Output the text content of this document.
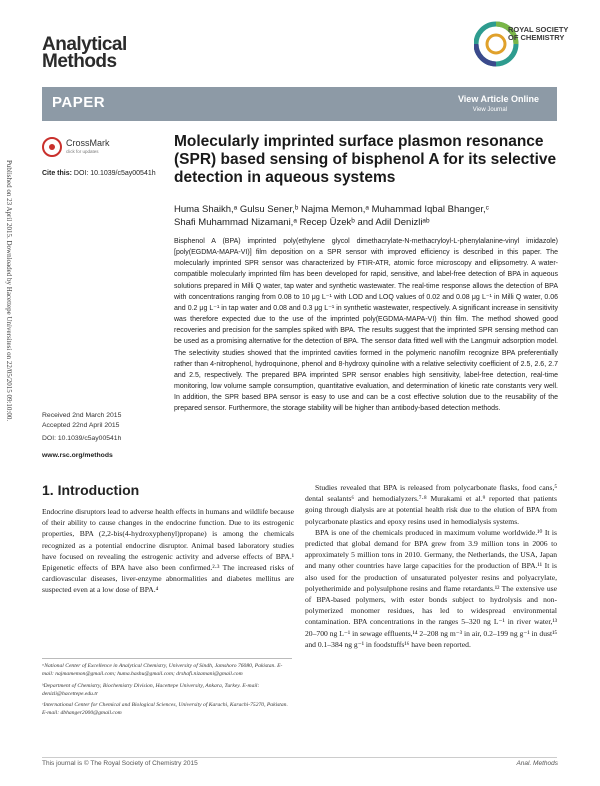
Analytical
Methods
ROYAL SOCIETY
OF CHEMISTRY
PAPER	View Article Online
View Journal
CrossMark
click for updates
Cite this: DOI: 10.1039/c5ay00541h
Published on 23 April 2015. Downloaded by Hacettepe Universitesi on 22/05/2015 09:10:00.
Molecularly imprinted surface plasmon resonance (SPR) based sensing of bisphenol A for its selective detection in aqueous systems
Huma Shaikh,ᵃ Gulsu Sener,ᵇ Najma Memon,ᵃ Muhammad Iqbal Bhanger,ᶜ
Shafi Muhammad Nizamani,ᵃ Recep Üzekᵇ and Adil Denizliᵃᵇ

Bisphenol A (BPA) imprinted poly(ethylene glycol dimethacrylate-N-methacryloyl-L-phenylalanine-vinyl imidazole) [poly(EGDMA-MAPA-VI)] film deposition on a SPR sensor with improved efficiency is described in this paper. The molecularly imprinted SPR sensor was characterized by FTIR-ATR, atomic force microscopy and ellipsometry. A water-compatible molecularly imprinted film has been developed for rapid, sensitive, and label-free detection of BPA in aqueous solutions prepared in Milli Q water, tap water and synthetic wastewater. The real-time response allows the detection of BPA with concentrations ranging from 0.08 to 10 μg L⁻¹ with LOD and LOQ values of 0.02 and 0.08 μg L⁻¹ in Milli Q water, 0.06 and 0.2 μg L⁻¹ in tap water and 0.08 and 0.3 μg L⁻¹ in synthetic wastewater, respectively. A significant increase in sensitivity was therefore expected due to the use of the imprinted poly(EGDMA-MAPA-VI) thin film. The method showed good recoveries and precision for the samples spiked with BPA. The results suggest that the imprinted SPR sensing method can be used as a promising alternative for the detection of BPA. The sensor data fitted well with the Langmuir adsorption model. The selectivity studies showed that the imprinted cavities formed in the polymeric nanofilm recognize BPA preferentially rather than 4-nitrophenol, hydroquinone, phenol and 8-hydroxy quinoline with a relative selectivity coefficient of 2.5, 2.6, 2.7 and 2.5, respectively. The prepared BPA imprinted SPR sensor enables high sensitivity, label-free detection, real-time monitoring, low volume sample consumption, quantitative evaluation, and determination of kinetic rate constants very well. In addition, the SPR based BPA sensor is easy to use and can be a cost effective solution due to the reusability of the prepared sensor. Furthermore, the storage stability will be higher than antibody-based detection methods.

Received 2nd March 2015
Accepted 22nd April 2015
DOI: 10.1039/c5ay00541h
www.rsc.org/methods
1. Introduction

Endocrine disruptors lead to adverse health effects in humans and wildlife because of their ability to cause changes in the endocrine function. Due to its estrogenic properties, BPA (2,2-bis(4-hydroxyphenyl)propane) is among the chemicals recognized as a potential endocrine disruptor. Animal based laboratory studies have focused on revealing the estrogenic activity and adverse effects of BPA.¹ Epigenetic effects of BPA have also been confirmed.²·³ The increased risks of cardiovascular diseases, liver-enzyme abnormalities and diabetes mellitus are suspected even at a low dose of BPA.⁴

Studies revealed that BPA is released from polycarbonate flasks, food cans,⁵ dental sealants⁶ and hemodialyzers.⁷·⁸ Murakami et al.⁹ reported that patients going through dialysis are at potential health risk due to the elution of BPA from polycarbonate plastics and epoxy resins used in hemodialysis systems.

BPA is one of the chemicals produced in maximum volume worldwide.¹⁰ It is predicted that global demand for BPA grew from 3.9 million tons in 2006 to approximately 5 million tons in 2010. Germany, the Netherlands, the USA, Japan and many other countries have large capacities for the production of BPA.¹¹ It is also used for the production of unsaturated polyester resins and polyacrylate, polyetherimide and polysulphone resins and flame retardants.¹² The extensive use of BPA-based polymers, with ester bonds subject to hydrolysis and non-polymerized monomer residues, has led to widespread environmental contamination. BPA concentrations in the ranges 5–320 ng L⁻¹ in river water,¹³ 20–700 ng L⁻¹ in sewage effluents,¹⁴ 2–208 ng m⁻³ in air, 0.2–199 ng g⁻¹ in dust¹⁵ and 0.1–384 ng g⁻¹ in foodstuffs¹⁶ have been reported.

ᵃNational Center of Excellence in Analytical Chemistry, University of Sindh, Jamshoro 76080, Pakistan. E-mail: najmamemon@gmail.com; huma.hashu@gmail.com; drshafi.nizamani@gmail.com

ᵇDepartment of Chemistry, Biochemistry Division, Hacettepe University, Ankara, Turkey. E-mail: denizli@hacettepe.edu.tr

ᶜInternational Center for Chemical and Biological Sciences, University of Karachi, Karachi-75270, Pakistan. E-mail: dbhanger2000@gmail.com

This journal is © The Royal Society of Chemistry 2015	Anal. Methods
